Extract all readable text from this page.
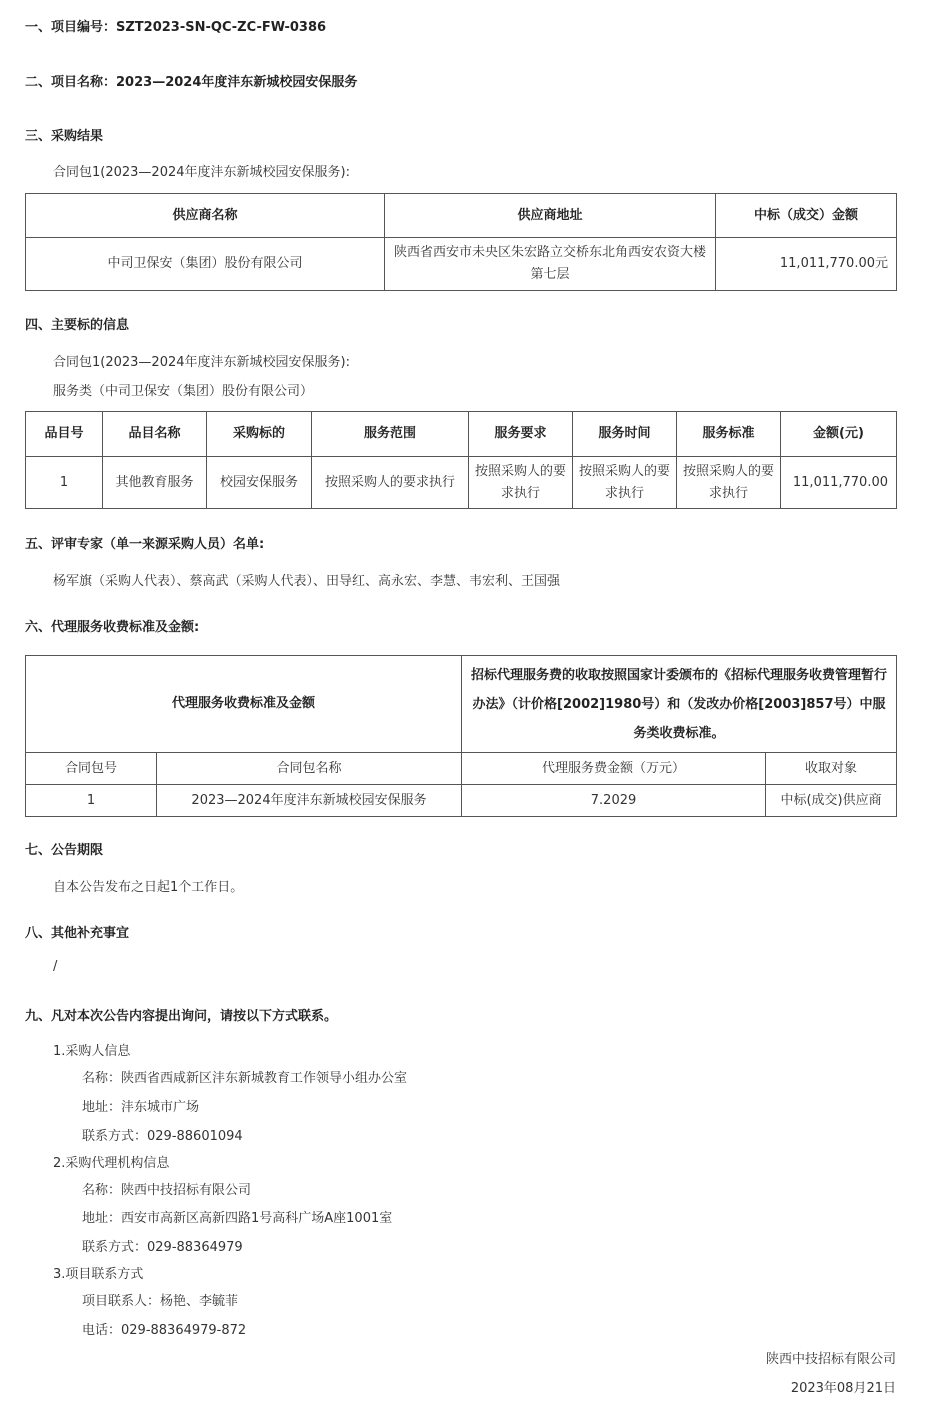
一、项目编号：SZT2023-SN-QC-ZC-FW-0386
二、项目名称：2023—2024年度沣东新城校园安保服务
三、采购结果
合同包1(2023—2024年度沣东新城校园安保服务):
供应商名称	供应商地址	中标（成交）金额
中司卫保安（集团）股份有限公司	陕西省西安市未央区朱宏路立交桥东北角西安农资大楼第七层	11,011,770.00元
四、主要标的信息
合同包1(2023—2024年度沣东新城校园安保服务):
服务类（中司卫保安（集团）股份有限公司）
品目号	品目名称	采购标的	服务范围	服务要求	服务时间	服务标准	金额(元)
1	其他教育服务	校园安保服务	按照采购人的要求执行	按照采购人的要求执行	按照采购人的要求执行	按照采购人的要求执行	11,011,770.00
五、评审专家（单一来源采购人员）名单:
杨军旗（采购人代表）、蔡高武（采购人代表）、田导红、高永宏、李慧、韦宏利、王国强
六、代理服务收费标准及金额:
代理服务收费标准及金额		招标代理服务费的收取按照国家计委颁布的《招标代理服务收费管理暂行办法》（计价格[2002]1980号）和（发改办价格[2003]857号）中服务类收费标准。	
合同包号	合同包名称	代理服务费金额（万元）	收取对象
1	2023—2024年度沣东新城校园安保服务	7.2029	中标(成交)供应商
七、公告期限
自本公告发布之日起1个工作日。
八、其他补充事宜
/
九、凡对本次公告内容提出询问，请按以下方式联系。
1.采购人信息
名称：陕西省西咸新区沣东新城教育工作领导小组办公室
地址：沣东城市广场
联系方式：029-88601094
2.采购代理机构信息
名称：陕西中技招标有限公司
地址：西安市高新区高新四路1号高科广场A座1001室
联系方式：029-88364979
3.项目联系方式
项目联系人：杨艳、李毓菲
电话：029-88364979-872
陕西中技招标有限公司
2023年08月21日
